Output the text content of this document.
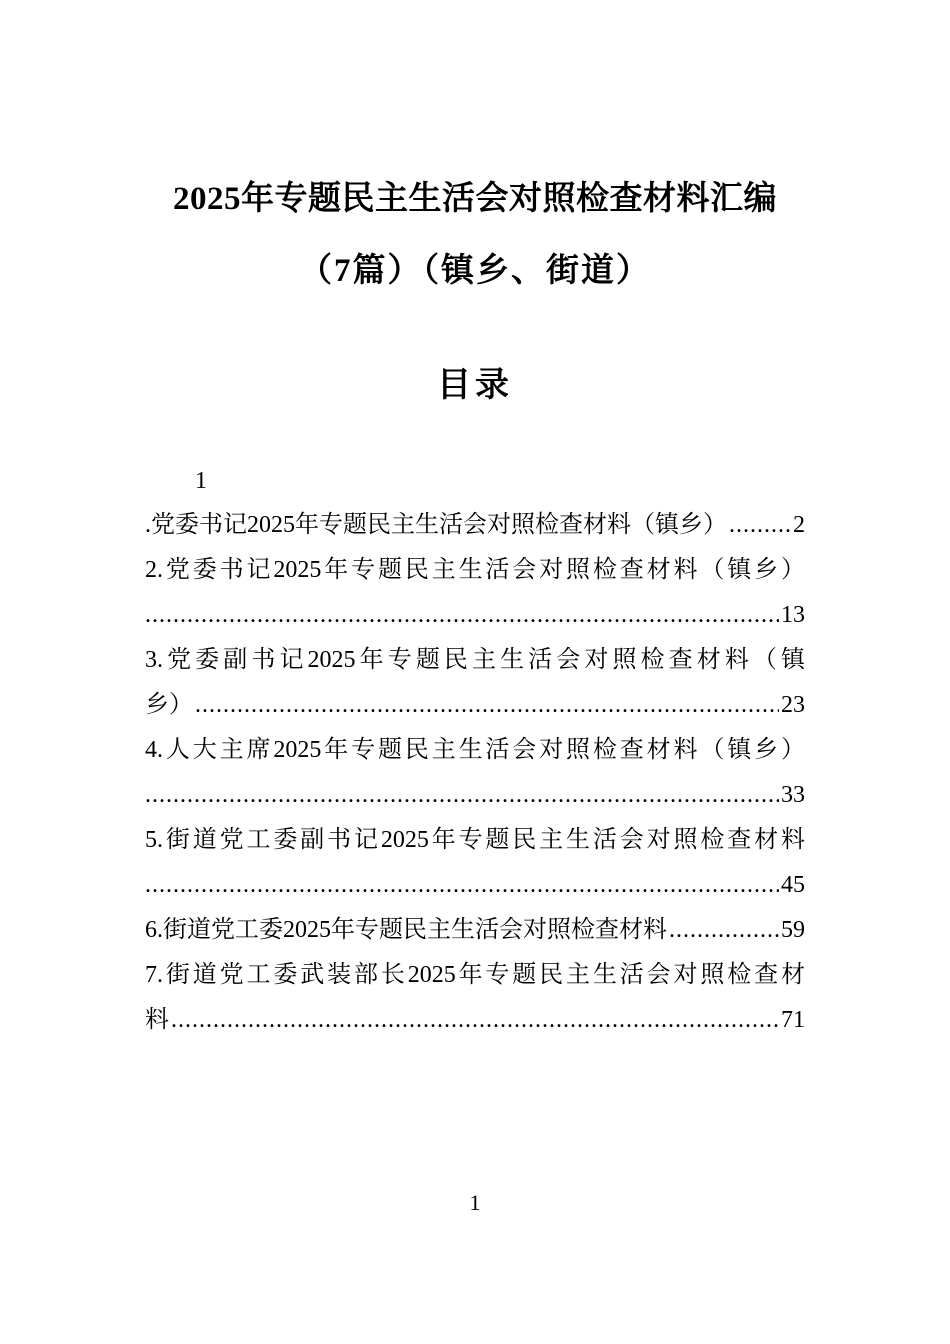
2025年专题民主生活会对照检查材料汇编
（7篇）（镇乡、街道）
目录
1
.党委书记2025年专题民主生活会对照检查材料（镇乡） .....	2
2.党委书记2025年专题民主生活会对照检查材料（镇乡）
.....
13
3.党委副书记2025年专题民主生活会对照检查材料（镇
乡） .....	23
4.人大主席2025年专题民主生活会对照检查材料（镇乡）
.....
33
5.街道党工委副书记2025年专题民主生活会对照检查材料
.....
45
6.街道党工委2025年专题民主生活会对照检查材料 .....	59
7.街道党工委武装部长2025年专题民主生活会对照检查材
料 .....	71
1
